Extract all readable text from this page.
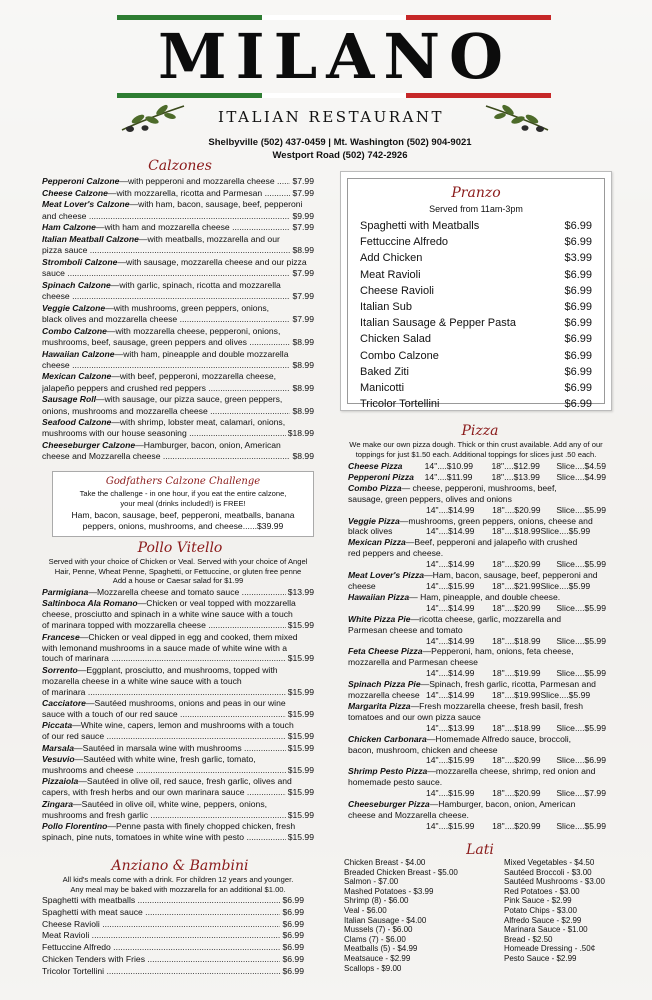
MILANO
ITALIAN RESTAURANT
Shelbyville (502) 437-0459 | Mt. Washington (502) 904-9021
Westport Road (502) 742-2926
Calzones
Pepperoni Calzone—with pepperoni and mozzarella cheese .....	$7.99
Cheese Calzone—with mozzarella, ricotta and Parmesan .....	$7.99
Meat Lover's Calzone—with ham, bacon, sausage, beef, pepperoni
and cheese .....	$9.99
Ham Calzone—with ham and mozzarella cheese .....	$7.99
Italian Meatball Calzone—with meatballs, mozzarella and our
pizza sauce .....	$8.99
Stromboli Calzone—with sausage, mozzarella cheese and our pizza
sauce .....	$7.99
Spinach Calzone—with garlic, spinach, ricotta and mozzarella
cheese .....	$7.99
Veggie Calzone—with mushrooms, green peppers, onions,
black olives and mozzarella cheese .....	$7.99
Combo Calzone—with mozzarella cheese, pepperoni, onions,
mushrooms, beef, sausage, green peppers and olives .....	$8.99
Hawaiian Calzone—with ham, pineapple and double mozzarella
cheese .....	$8.99
Mexican Calzone—with beef, pepperoni, mozzarella cheese,
jalapeño peppers and crushed red peppers .....	$8.99
Sausage Roll—with sausage, our pizza sauce, green peppers,
onions, mushrooms and mozzarella cheese .....	$8.99
Seafood Calzone—with shrimp, lobster meat, calamari, onions,
mushrooms with our house seasoning .....	$18.99
Cheeseburger Calzone—Hamburger, bacon, onion, American
cheese and Mozzarella cheese .....	$8.99
Godfathers Calzone Challenge
Take the challenge - in one hour, if you eat the entire calzone,
your meal (drinks included!) is FREE!
Ham, bacon, sausage, beef, pepperoni, meatballs, banana
peppers, onions, mushrooms, and cheese......$39.99
Pollo Vitello
Served with your choice of Chicken or Veal. Served with your choice of Angel
Hair, Penne, Wheat Penne, Spaghetti, or Fettuccine, or gluten free penne
Add a house or Caesar salad for $1.99
Parmigiana—Mozzarella cheese and tomato sauce .....	$13.99
Saltinboca Ala Romano—Chicken or veal topped with mozzarella
cheese, prosciutto and spinach in a white wine sauce with a touch
of marinara topped with mozzarella cheese .....	$15.99
Francese—Chicken or veal dipped in egg and cooked, them mixed
with lemonand mushrooms in a sauce made of white wine with a
touch of marinara .....	$15.99
Sorrento—Eggplant, prosciutto, and mushrooms, topped with
mozarella cheese in a white wine sauce with a touch
of marinara .....	$15.99
Cacciatore—Sautéed mushrooms, onions and peas in our wine
sauce with a touch of our red sauce .....	$15.99
Piccata—White wine, capers, lemon and mushrooms with a touch
of our red sauce .....	$15.99
Marsala—Sautéed in marsala wine with mushrooms .....	$15.99
Vesuvio—Sautéed with white wine, fresh garlic, tomato,
mushrooms and cheese .....	$15.99
Pizzaiola—Sautéed in olive oil, red sauce, fresh garlic, olives and
capers, with fresh herbs and our own marinara sauce .....	$15.99
Zingara—Sautéed in olive oil, white wine, peppers, onions,
mushrooms and fresh garlic .....	$15.99
Pollo Florentino—Penne pasta with finely chopped chicken, fresh
spinach, pine nuts, tomatoes in white wine with pesto .....	$15.99
Anziano & Bambini
All kid's meals come with a drink. For children 12 years and younger.
Any meal may be baked with mozzarella for an additional $1.00.
Spaghetti with meatballs .....	$6.99
Spaghetti with meat sauce .....	$6.99
Cheese Ravioli .....	$6.99
Meat Ravioli .....	$6.99
Fettuccine Alfredo .....	$6.99
Chicken Tenders with Fries .....	$6.99
Tricolor Tortellini .....	$6.99
Pranzo
Served from 11am-3pm
Spaghetti with Meatballs	$6.99
Fettuccine Alfredo	$6.99
Add Chicken	$3.99
Meat Ravioli	$6.99
Cheese Ravioli	$6.99
Italian Sub	$6.99
Italian Sausage & Pepper Pasta	$6.99
Chicken Salad	$6.99
Combo Calzone	$6.99
Baked Ziti	$6.99
Manicotti	$6.99
Tricolor Tortellini	$6.99
Pizza
We make our own pizza dough. Thick or thin crust available. Add any of our
toppings for just $1.50 each. Additional toppings for slices just .50 each.
Cheese Pizza	14"....$10.99	18"....$12.99	Slice....$4.59
Pepperoni Pizza	14"....$11.99	18"....$13.99	Slice....$4.99
Combo Pizza— cheese, pepperoni, mushrooms, beef,
sausage, green peppers, olives and onions
14"....$14.99	18"....$20.99	Slice....$5.99
Veggie Pizza—mushrooms, green peppers, onions, cheese and
black olives	14"....$14.99	18"....$18.99 Slice....$5.99
Mexican Pizza—Beef, pepperoni and jalapeño with crushed
red peppers and cheese.
14"....$14.99	18"....$20.99	Slice....$5.99
Meat Lover's Pizza—Ham, bacon, sausage, beef, pepperoni and
cheese	14"....$15.99	18"....$21.99 Slice....$5.99
Hawaiian Pizza— Ham, pineapple, and double cheese.
14"....$14.99	18"....$20.99	Slice....$5.99
White Pizza Pie—ricotta cheese, garlic, mozzarella and
Parmesan cheese and tomato
14"....$14.99	18"....$18.99	Slice....$5.99
Feta Cheese Pizza—Pepperoni, ham, onions, feta cheese,
mozzarella and Parmesan cheese
14"....$14.99	18"....$19.99	Slice....$5.99
Spinach Pizza Pie—Spinach, fresh garlic, ricotta, Parmesan and
mozzarella cheese 14"....$14.99	18"....$19.99 Slice....$5.99
Margarita Pizza—Fresh mozzarella cheese, fresh basil, fresh
tomatoes and our own pizza sauce
14"....$13.99	18"....$18.99	Slice....$5.99
Chicken Carbonara—Homemade Alfredo sauce, broccoli,
bacon, mushroom, chicken and cheese
14"....$15.99	18"....$20.99	Slice....$6.99
Shrimp Pesto Pizza—mozzarella cheese, shrimp, red onion and
homemade pesto sauce.
14"....$15.99	18"....$20.99	Slice....$7.99
Cheeseburger Pizza—Hamburger, bacon, onion, American
cheese and Mozzarella cheese.
14"....$15.99	18"....$20.99	Slice....$5.99
Lati
Chicken Breast - $4.00
Breaded Chicken Breast - $5.00
Salmon - $7.00
Mashed Potatoes - $3.99
Shrimp (8) - $6.00
Veal - $6.00
Italian Sausage - $4.00
Mussels (7) - $6.00
Clams (7) - $6.00
Meatballs (5) - $4.99
Meatsauce - $2.99
Scallops - $9.00
Mixed Vegetables - $4.50
Sautéed Broccoli - $3.00
Sautéed Mushrooms - $3.00
Red Potatoes - $3.00
Pink Sauce - $2.99
Potato Chips - $3.00
Alfredo Sauce - $2.99
Marinara Sauce - $1.00
Bread - $2.50
Homeade Dressing - .50¢
Pesto Sauce - $2.99
